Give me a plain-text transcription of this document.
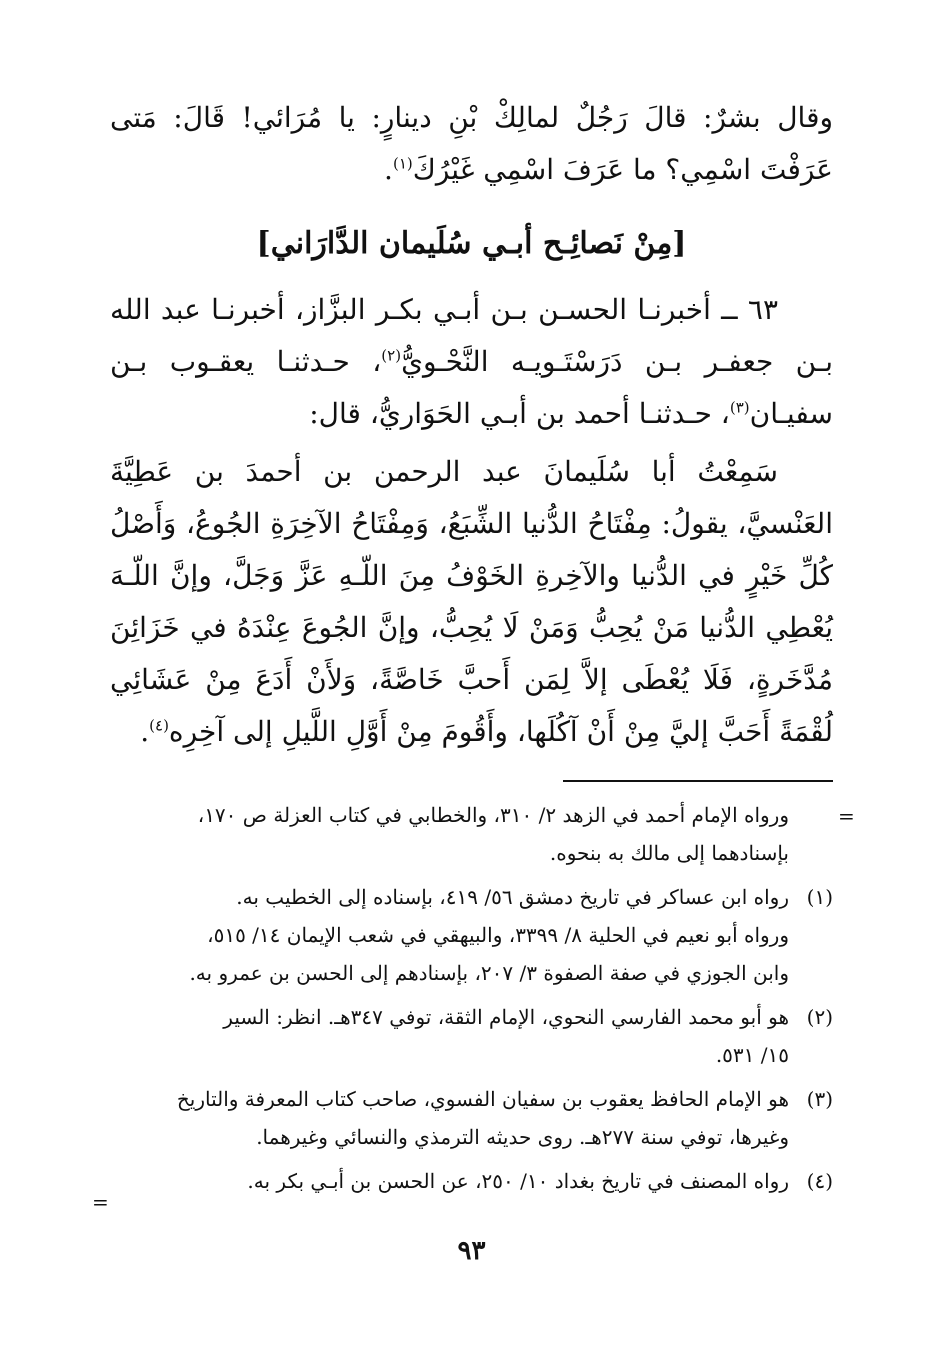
وقال بشرٌ: قالَ رَجُلٌ لمالِكْ بْنِ دينارٍ: يا مُرَائي! قَالَ: مَتى عَرَفْتَ اسْمِي؟ ما عَرَفَ اسْمِي غَيْرُكَ$^{(١)}$.

[مِنْ نَصائِـح أبـي سُلَيمان الدَّارَاني]

٦٣ ــ أخبرنـا الحسـن بـن أبـي بكـر البزَّاز، أخبرنـا عبد الله بـن جعفـر بـن دَرَسْتَـويـه النَّحْـويُّ$^{(٢)}$، حـدثنـا يعقـوب بـن سفيـان$^{(٣)}$، حـدثنـا أحمد بن أبـي الحَوَاريُّ، قال:

سَمِعْتُ أبا سُلَيمانَ عبد الرحمن بن أحمدَ بن عَطِيَّةَ العَنْسيَّ، يقولُ: مِفْتَاحُ الدُّنيا الشِّبَعُ، وَمِفْتَاحُ الآخِرَةِ الجُوعُ، وَأَصْلُ كُلِّ خَيْرٍ في الدُّنيا والآخِرةِ الخَوْفُ مِنَ اللّـهِ عَزَّ وَجَلَّ، وإنَّ اللّـهَ يُعْطِي الدُّنيا مَنْ يُحِبُّ وَمَنْ لَا يُحِبُّ، وإنَّ الجُوعَ عِنْدَهُ في خَزَائِنَ مُدَّخَرةٍ، فَلَا يُعْطَى إلاَّ لِمَن أَحبَّ خَاصَّةً، وَلأَنْ أَدَعَ مِنْ عَشَائِي لُقْمَةً أَحَبَّ إليَّ مِنْ أَنْ آكُلَها، وأَقُومَ مِنْ أَوَّلِ اللَّيلِ إلى آخِرِه$^{(٤)}$.

ورواه الإمام أحمد في الزهد ٢/ ٣١٠، والخطابي في كتاب العزلة ص ١٧٠،
بإسنادهما إلى مالك به بنحوه.
(١)
رواه ابن عساكر في تاريخ دمشق ٥٦/ ٤١٩، بإسناده إلى الخطيب به.
ورواه أبو نعيم في الحلية ٨/ ٣٣٩٩، والبيهقي في شعب الإيمان ١٤/ ٥١٥،
وابن الجوزي في صفة الصفوة ٣/ ٢٠٧، بإسنادهم إلى الحسن بن عمرو به.
(٢)
هو أبو محمد الفارسي النحوي، الإمام الثقة، توفي ٣٤٧هـ. انظر: السير
١٥/ ٥٣١.
(٣)
هو الإمام الحافظ يعقوب بن سفيان الفسوي، صاحب كتاب المعرفة والتاريخ
وغيرها، توفي سنة ٢٧٧هـ. روى حديثه الترمذي والنسائي وغيرهما.
(٤)
رواه المصنف في تاريخ بغداد ١٠/ ٢٥٠، عن الحسن بن أبـي بكر به.
=
=
٩٣
